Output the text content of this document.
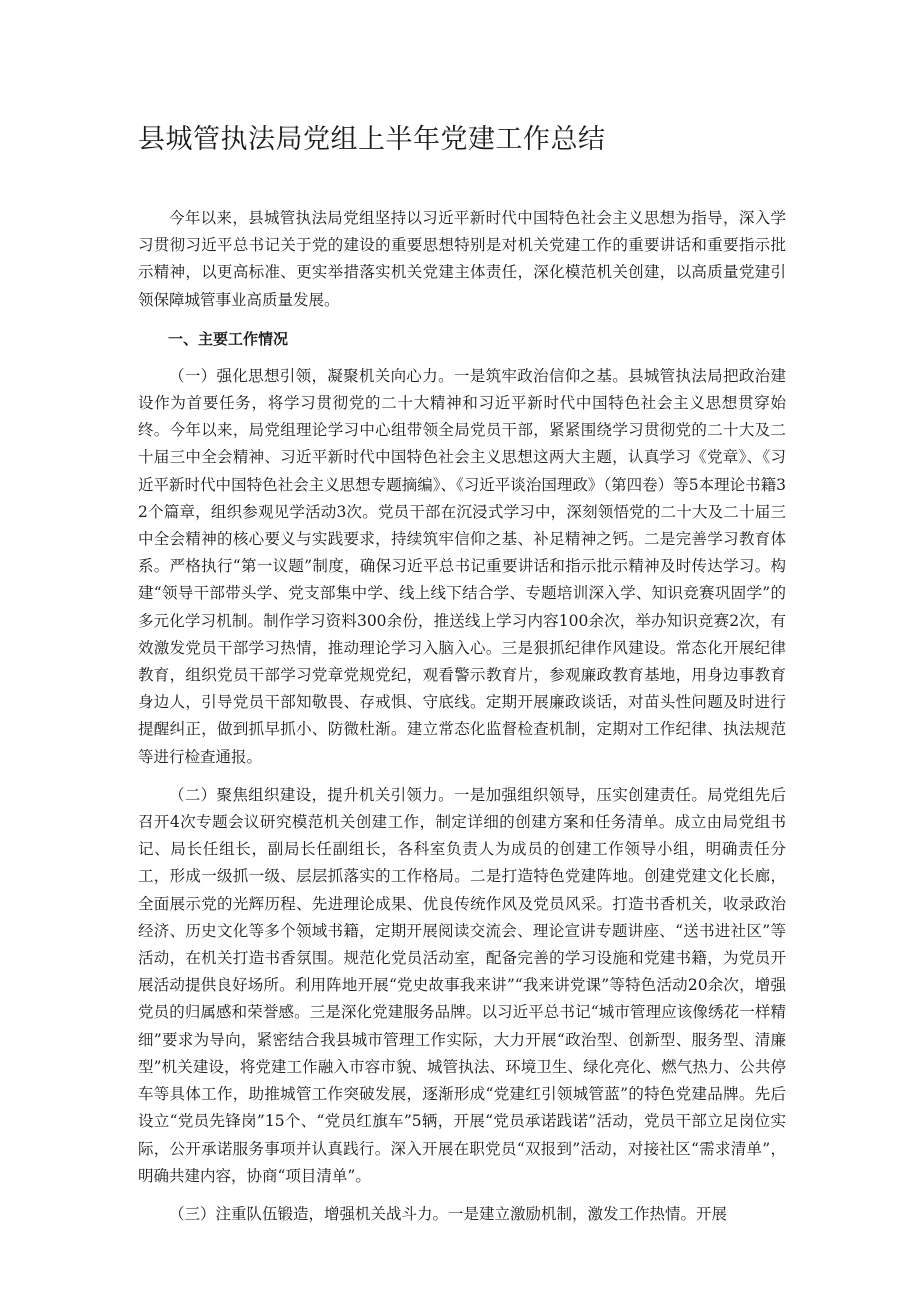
县城管执法局党组上半年党建工作总结

今年以来，县城管执法局党组坚持以习近平新时代中国特色社会主义思想为指导，深入学习贯彻习近平总书记关于党的建设的重要思想特别是对机关党建工作的重要讲话和重要指示批示精神，以更高标准、更实举措落实机关党建主体责任，深化模范机关创建，以高质量党建引领保障城管事业高质量发展。

一、主要工作情况

（一）强化思想引领，凝聚机关向心力。一是筑牢政治信仰之基。县城管执法局把政治建设作为首要任务，将学习贯彻党的二十大精神和习近平新时代中国特色社会主义思想贯穿始终。今年以来，局党组理论学习中心组带领全局党员干部，紧紧围绕学习贯彻党的二十大及二十届三中全会精神、习近平新时代中国特色社会主义思想这两大主题，认真学习《党章》、《习近平新时代中国特色社会主义思想专题摘编》、《习近平谈治国理政》（第四卷）等5本理论书籍32个篇章，组织参观见学活动3次。党员干部在沉浸式学习中，深刻领悟党的二十大及二十届三中全会精神的核心要义与实践要求，持续筑牢信仰之基、补足精神之钙。二是完善学习教育体系。严格执行“第一议题”制度，确保习近平总书记重要讲话和指示批示精神及时传达学习。构建“领导干部带头学、党支部集中学、线上线下结合学、专题培训深入学、知识竞赛巩固学”的多元化学习机制。制作学习资料300余份，推送线上学习内容100余次，举办知识竞赛2次，有效激发党员干部学习热情，推动理论学习入脑入心。三是狠抓纪律作风建设。常态化开展纪律教育，组织党员干部学习党章党规党纪，观看警示教育片，参观廉政教育基地，用身边事教育身边人，引导党员干部知敬畏、存戒惧、守底线。定期开展廉政谈话，对苗头性问题及时进行提醒纠正，做到抓早抓小、防微杜渐。建立常态化监督检查机制，定期对工作纪律、执法规范等进行检查通报。

（二）聚焦组织建设，提升机关引领力。一是加强组织领导，压实创建责任。局党组先后召开4次专题会议研究模范机关创建工作，制定详细的创建方案和任务清单。成立由局党组书记、局长任组长，副局长任副组长，各科室负责人为成员的创建工作领导小组，明确责任分工，形成一级抓一级、层层抓落实的工作格局。二是打造特色党建阵地。创建党建文化长廊，全面展示党的光辉历程、先进理论成果、优良传统作风及党员风采。打造书香机关，收录政治经济、历史文化等多个领域书籍，定期开展阅读交流会、理论宣讲专题讲座、“送书进社区”等活动，在机关打造书香氛围。规范化党员活动室，配备完善的学习设施和党建书籍，为党员开展活动提供良好场所。利用阵地开展“党史故事我来讲”“我来讲党课”等特色活动20余次，增强党员的归属感和荣誉感。三是深化党建服务品牌。以习近平总书记“城市管理应该像绣花一样精细”要求为导向，紧密结合我县城市管理工作实际，大力开展“政治型、创新型、服务型、清廉型”机关建设，将党建工作融入市容市貌、城管执法、环境卫生、绿化亮化、燃气热力、公共停车等具体工作，助推城管工作突破发展，逐渐形成“党建红引领城管蓝”的特色党建品牌。先后设立“党员先锋岗”15个、“党员红旗车”5辆，开展“党员承诺践诺”活动，党员干部立足岗位实际，公开承诺服务事项并认真践行。深入开展在职党员“双报到”活动，对接社区“需求清单”，明确共建内容，协商“项目清单”。

（三）注重队伍锻造，增强机关战斗力。一是建立激励机制，激发工作热情。开展
